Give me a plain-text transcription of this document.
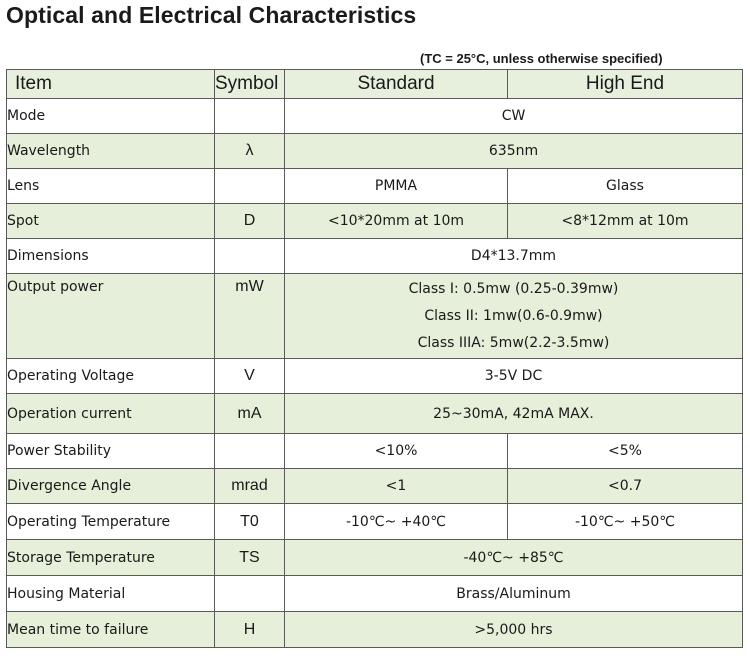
Optical and Electrical Characteristics
(TC = 25°C, unless otherwise specified)
Item	Symbol	Standard	High End
Mode		CW	
Wavelength	λ	635nm	
Lens		PMMA	Glass
Spot	D	<10*20mm at 10m	<8*12mm at 10m
Dimensions		D4*13.7mm	
Output power	mW	Class I: 0.5mw (0.25-0.39mw)
Class II: 1mw(0.6-0.9mw)
Class IIIA: 5mw(2.2-3.5mw)	

Operating Voltage	V	3-5V DC	
Operation current	mA	25~30mA, 42mA MAX.	
Power Stability		<10%	<5%
Divergence Angle	mrad	<1	<0.7
Operating Temperature	T0	-10℃~ +40℃	-10℃~ +50℃
Storage Temperature	TS	-40℃~ +85℃	
Housing Material		Brass/Aluminum	
Mean time to failure	H	>5,000 hrs	
